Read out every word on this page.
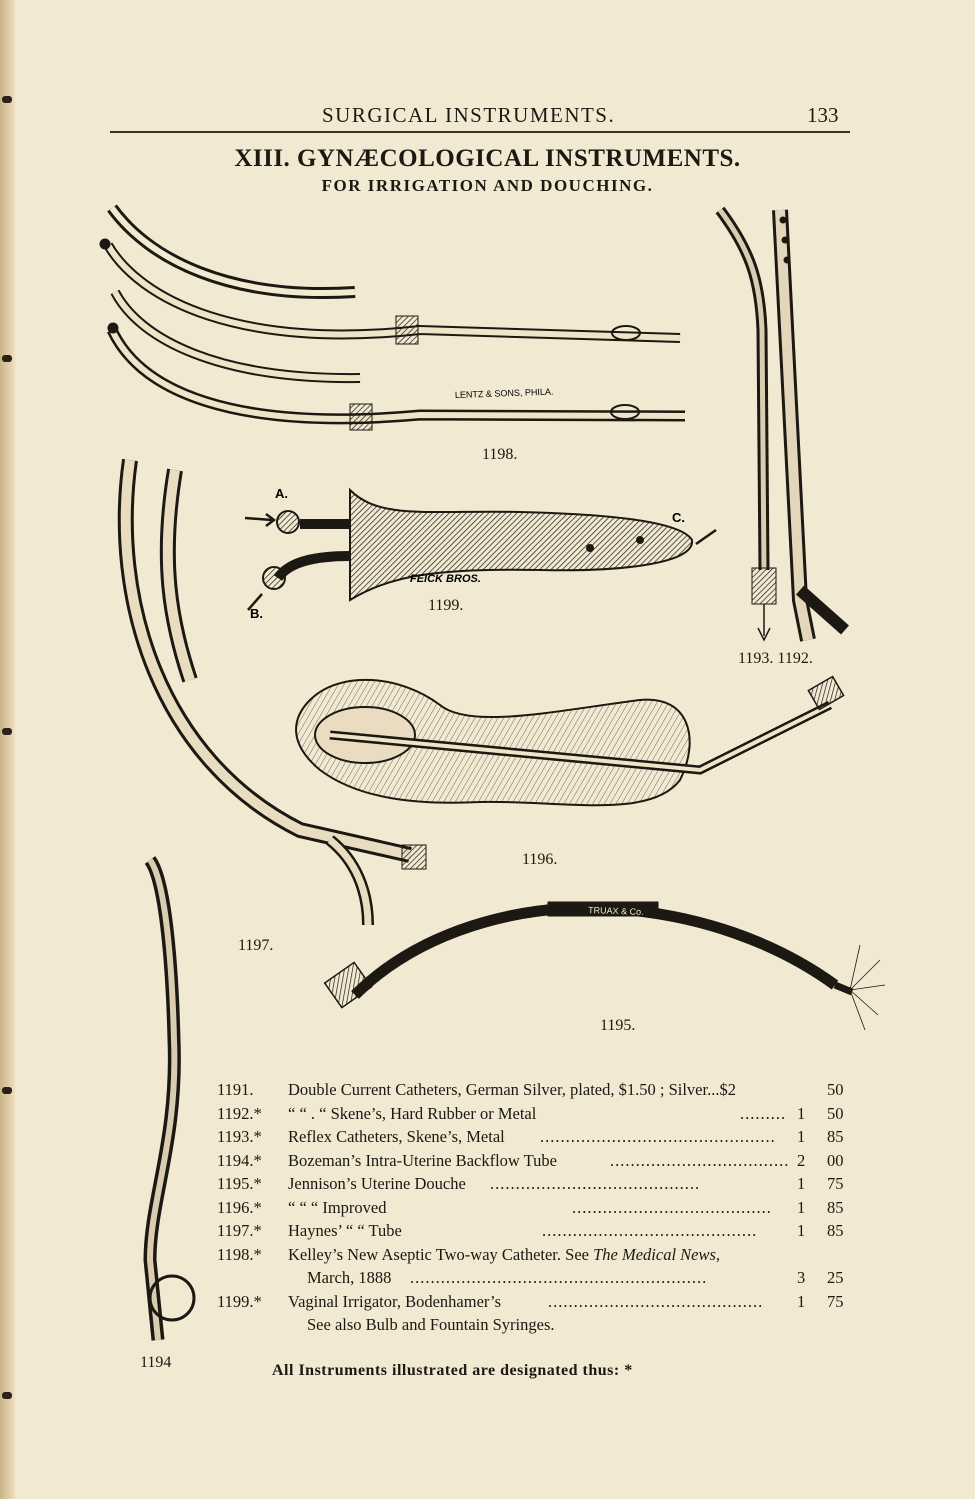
SURGICAL INSTRUMENTS.	133
XIII. GYNÆCOLOGICAL INSTRUMENTS.
FOR IRRIGATION AND DOUCHING.
LENTZ & SONS, PHILA.
A.
B.
C.
FEICK BROS.
TRUAX & Co.
1198.
1199.
1193. 1192.
1196.
1197.
1195.
1194
1191. Double Current Catheters, German Silver, plated, $1.50 ; Silver...$2	50
1192.* “ “ . “ Skene’s, Hard Rubber or Metal	......... 1 50
1193.* Reflex Catheters, Skene’s, Metal .............................................. 1 85
1194.* Bozeman’s Intra-Uterine Backflow Tube	................................... 2 00
1195.* Jennison’s Uterine Douche .........................................	1 75
1196.* “ “ “ Improved	....................................... 1 85
1197.* Haynes’ “ “ Tube	.......................................... 1 85
1198.* Kelley’s New Aseptic Two-way Catheter. See The Medical News,
March, 1888 ..........................................................	3 25
1199.* Vaginal Irrigator, Bodenhamer’s	.......................................... 1 75
See also Bulb and Fountain Syringes.
All Instruments illustrated are designated thus: *
